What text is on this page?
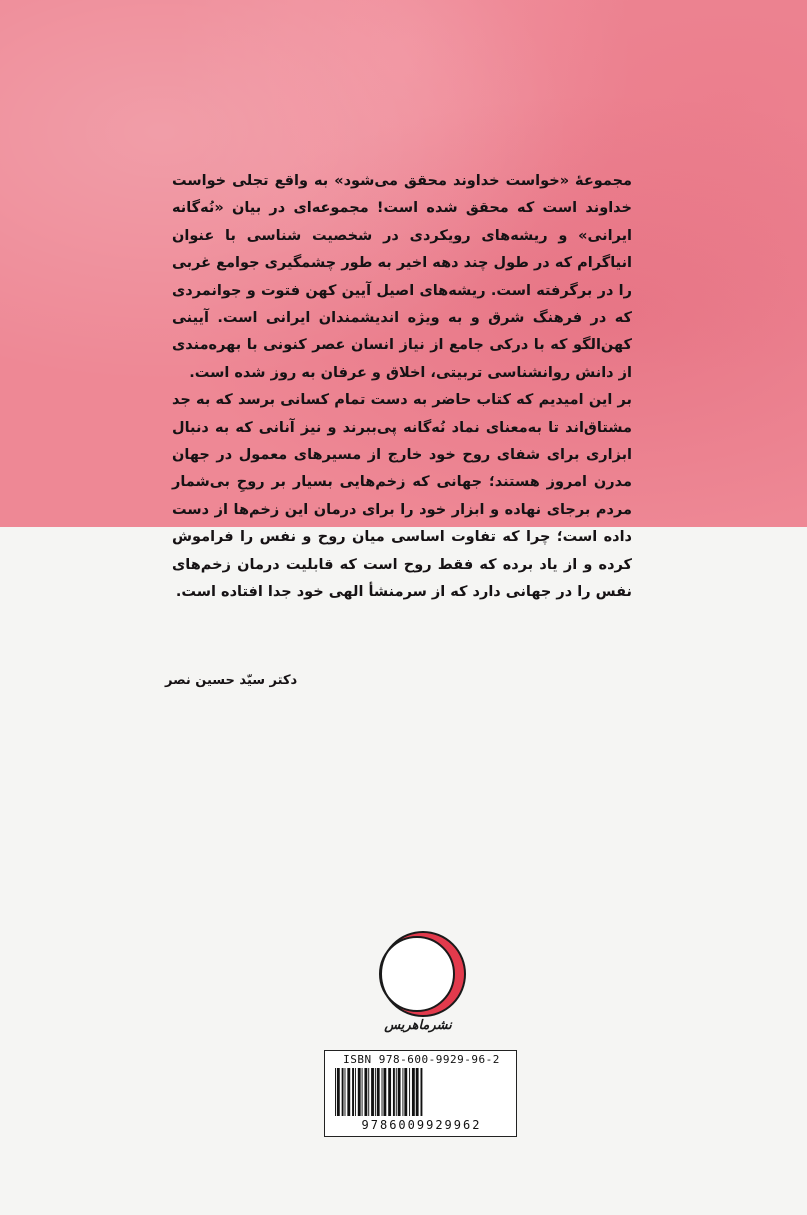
مجموعهٔ «خواست خداوند محقق می‌شود» به واقع تجلی خواست خداوند است که محقق شده است! مجموعه‌ای در بیان «نُه‌گانه ایرانی» و ریشه‌های رویکردی در شخصیت شناسی با عنوان انیاگرام که در طول چند دهه اخیر به طور چشمگیری جوامع غربی را در برگرفته است. ریشه‌های اصیل آیین کهن فتوت و جوانمردی که در فرهنگ شرق و به ویژه اندیشمندان ایرانی است. آیینی کهن‌الگو که با درکی جامع از نیاز انسان عصر کنونی با بهره‌مندی از دانش روانشناسی تربیتی، اخلاق و عرفان به روز شده است.

بر این امیدیم که کتاب حاضر به دست تمام کسانی برسد که به جد مشتاق‌اند تا به‌معنای نماد نُه‌گانه پی‌ببرند و نیز آنانی که به دنبال ابزاری برای شفای روح خود خارج از مسیرهای معمول در جهان مدرن امروز هستند؛ جهانی که زخم‌هایی بسیار بر روحِ بی‌شمار مردم برجای نهاده و ابزار خود را برای درمان این زخم‌ها از دست داده است؛ چرا که تفاوت اساسی میان روح و نفس را فراموش کرده و از یاد برده که فقط روح است که قابلیت درمان زخم‌های نفس را در جهانی دارد که از سرمنشأ الهی خود جدا افتاده است.

دکتر سیّد حسین نصر
نشرماهریس
ISBN 978-600-9929-96-2
9786009929962
